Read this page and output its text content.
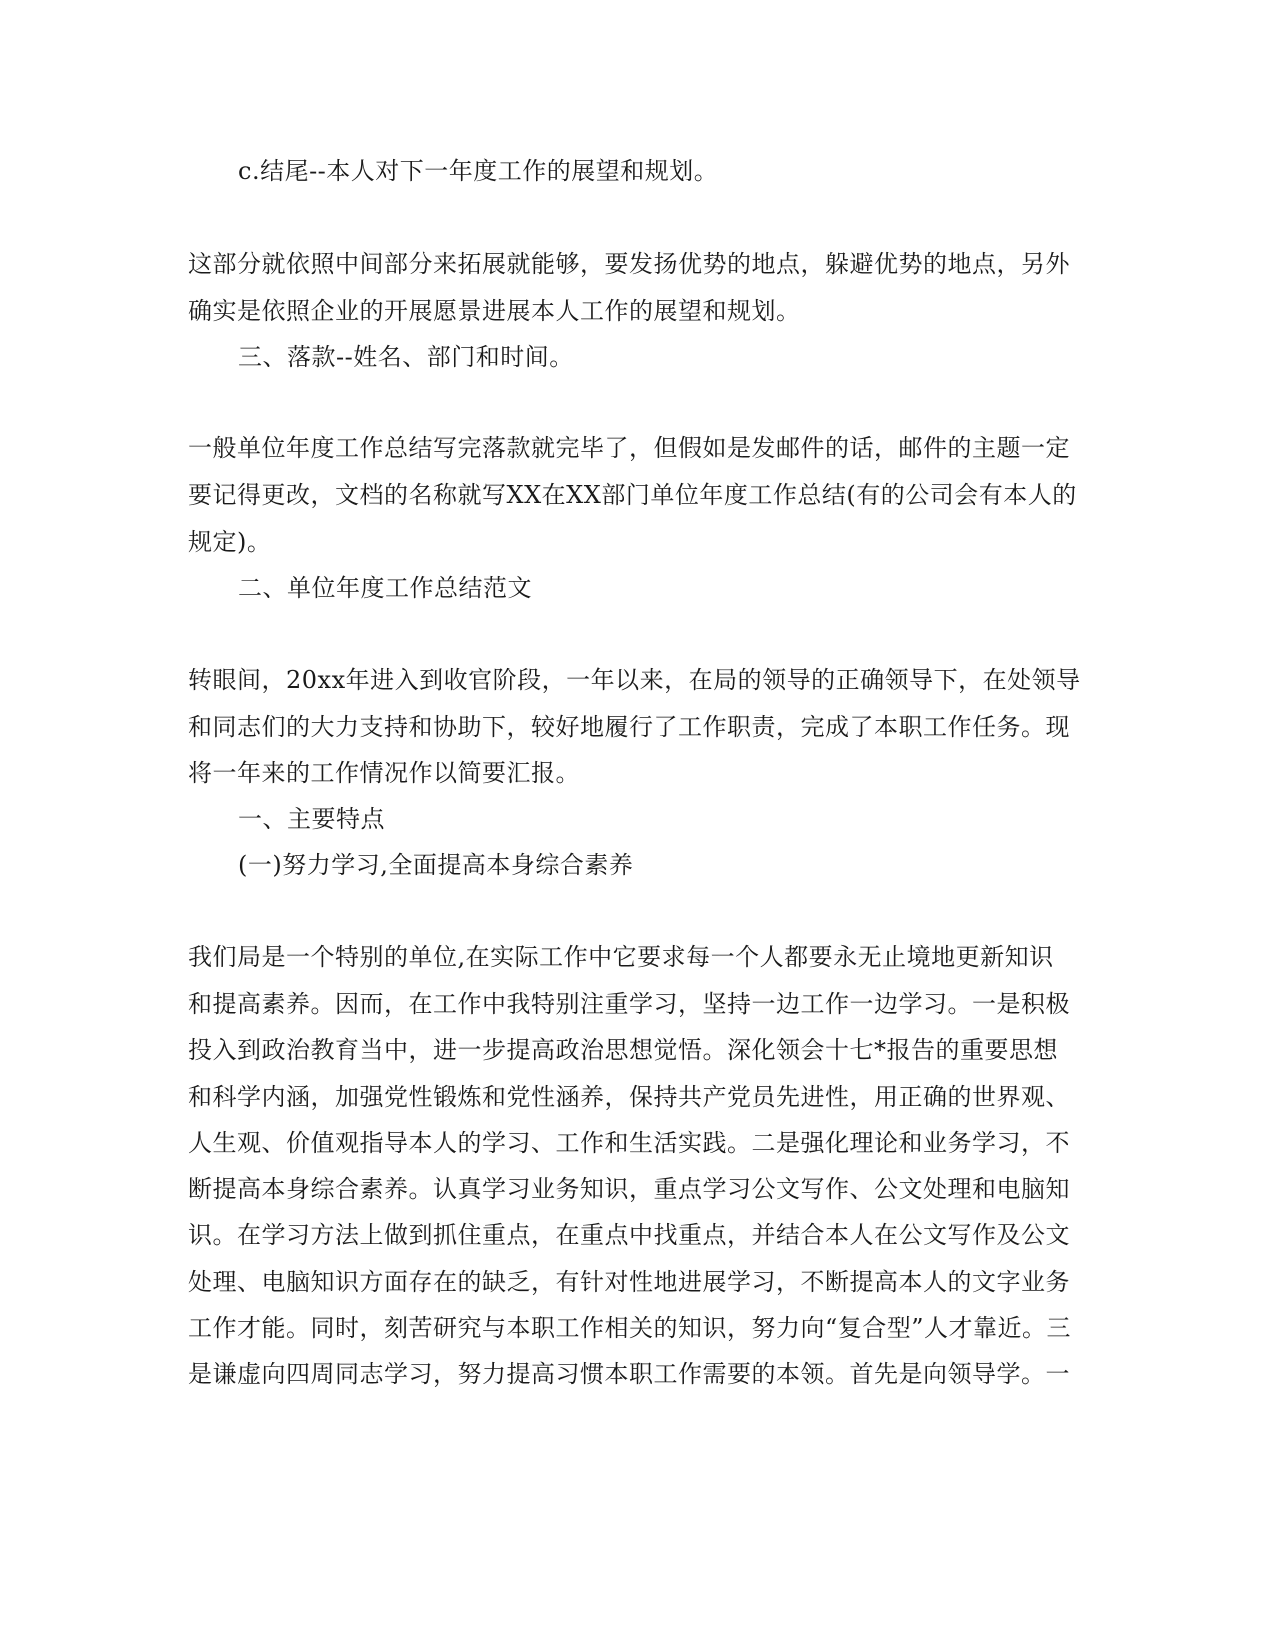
c.结尾--本人对下一年度工作的展望和规划。
这部分就依照中间部分来拓展就能够，要发扬优势的地点，躲避优势的地点，另外
确实是依照企业的开展愿景进展本人工作的展望和规划。
三、落款--姓名、部门和时间。
一般单位年度工作总结写完落款就完毕了，但假如是发邮件的话，邮件的主题一定
要记得更改，文档的名称就写XX在XX部门单位年度工作总结(有的公司会有本人的
规定)。
二、单位年度工作总结范文
转眼间，20xx年进入到收官阶段，一年以来，在局的领导的正确领导下，在处领导
和同志们的大力支持和协助下，较好地履行了工作职责，完成了本职工作任务。现
将一年来的工作情况作以简要汇报。
一、主要特点
(一)努力学习,全面提高本身综合素养
我们局是一个特别的单位,在实际工作中它要求每一个人都要永无止境地更新知识
和提高素养。因而，在工作中我特别注重学习，坚持一边工作一边学习。一是积极
投入到政治教育当中，进一步提高政治思想觉悟。深化领会十七*报告的重要思想
和科学内涵，加强党性锻炼和党性涵养，保持共产党员先进性，用正确的世界观、
人生观、价值观指导本人的学习、工作和生活实践。二是强化理论和业务学习，不
断提高本身综合素养。认真学习业务知识，重点学习公文写作、公文处理和电脑知
识。在学习方法上做到抓住重点，在重点中找重点，并结合本人在公文写作及公文
处理、电脑知识方面存在的缺乏，有针对性地进展学习，不断提高本人的文字业务
工作才能。同时，刻苦研究与本职工作相关的知识，努力向“复合型”人才靠近。三
是谦虚向四周同志学习，努力提高习惯本职工作需要的本领。首先是向领导学。一
